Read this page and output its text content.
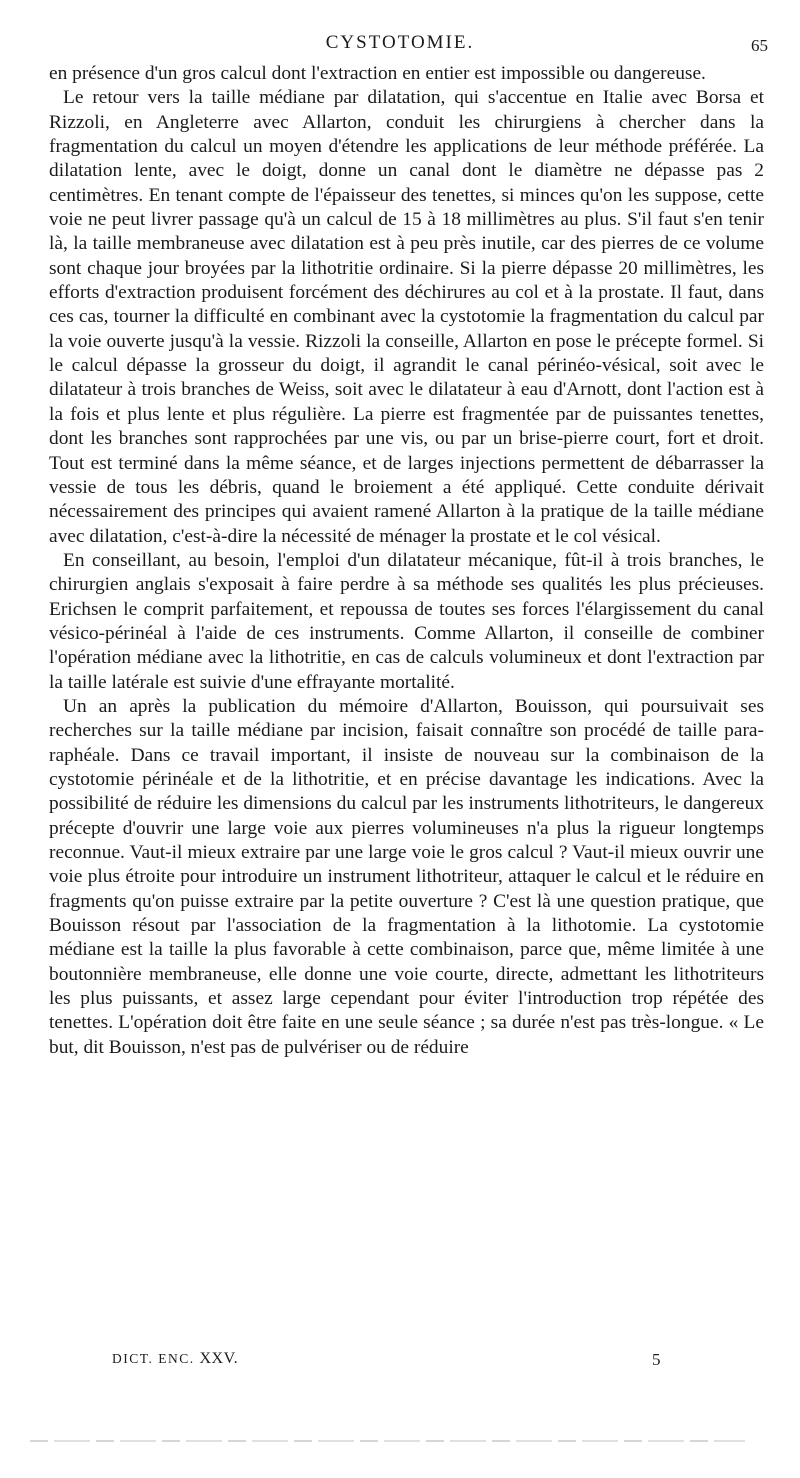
CYSTOTOMIE.	65

en présence d'un gros calcul dont l'extraction en entier est impossible ou dangereuse.

Le retour vers la taille médiane par dilatation, qui s'accentue en Italie avec Borsa et Rizzoli, en Angleterre avec Allarton, conduit les chirurgiens à chercher dans la fragmentation du calcul un moyen d'étendre les applications de leur méthode préférée. La dilatation lente, avec le doigt, donne un canal dont le diamètre ne dépasse pas 2 centimètres. En tenant compte de l'épaisseur des tenettes, si minces qu'on les suppose, cette voie ne peut livrer passage qu'à un calcul de 15 à 18 millimètres au plus. S'il faut s'en tenir là, la taille membraneuse avec dilatation est à peu près inutile, car des pierres de ce volume sont chaque jour broyées par la lithotritie ordinaire. Si la pierre dépasse 20 millimètres, les efforts d'extraction produisent forcément des déchirures au col et à la prostate. Il faut, dans ces cas, tourner la difficulté en combinant avec la cystotomie la fragmentation du calcul par la voie ouverte jusqu'à la vessie. Rizzoli la conseille, Allarton en pose le précepte formel. Si le calcul dépasse la grosseur du doigt, il agrandit le canal périnéo-vésical, soit avec le dilatateur à trois branches de Weiss, soit avec le dilatateur à eau d'Arnott, dont l'action est à la fois et plus lente et plus régulière. La pierre est fragmentée par de puissantes tenettes, dont les branches sont rapprochées par une vis, ou par un brise-pierre court, fort et droit. Tout est terminé dans la même séance, et de larges injections permettent de débarrasser la vessie de tous les débris, quand le broiement a été appliqué. Cette conduite dérivait nécessairement des principes qui avaient ramené Allarton à la pratique de la taille médiane avec dilatation, c'est-à-dire la nécessité de ménager la prostate et le col vésical.

En conseillant, au besoin, l'emploi d'un dilatateur mécanique, fût-il à trois branches, le chirurgien anglais s'exposait à faire perdre à sa méthode ses qualités les plus précieuses. Erichsen le comprit parfaitement, et repoussa de toutes ses forces l'élargissement du canal vésico-périnéal à l'aide de ces instruments. Comme Allarton, il conseille de combiner l'opération médiane avec la lithotritie, en cas de calculs volumineux et dont l'extraction par la taille latérale est suivie d'une effrayante mortalité.

Un an après la publication du mémoire d'Allarton, Bouisson, qui poursuivait ses recherches sur la taille médiane par incision, faisait connaître son procédé de taille para-raphéale. Dans ce travail important, il insiste de nouveau sur la combinaison de la cystotomie périnéale et de la lithotritie, et en précise davantage les indications. Avec la possibilité de réduire les dimensions du calcul par les instruments lithotriteurs, le dangereux précepte d'ouvrir une large voie aux pierres volumineuses n'a plus la rigueur longtemps reconnue. Vaut-il mieux extraire par une large voie le gros calcul ? Vaut-il mieux ouvrir une voie plus étroite pour introduire un instrument lithotriteur, attaquer le calcul et le réduire en fragments qu'on puisse extraire par la petite ouverture ? C'est là une question pratique, que Bouisson résout par l'association de la fragmentation à la lithotomie. La cystotomie médiane est la taille la plus favorable à cette combinaison, parce que, même limitée à une boutonnière membraneuse, elle donne une voie courte, directe, admettant les lithotriteurs les plus puissants, et assez large cependant pour éviter l'introduction trop répétée des tenettes. L'opération doit être faite en une seule séance ; sa durée n'est pas très-longue. « Le but, dit Bouisson, n'est pas de pulvériser ou de réduire

DICT. ENC. XXV.	5
